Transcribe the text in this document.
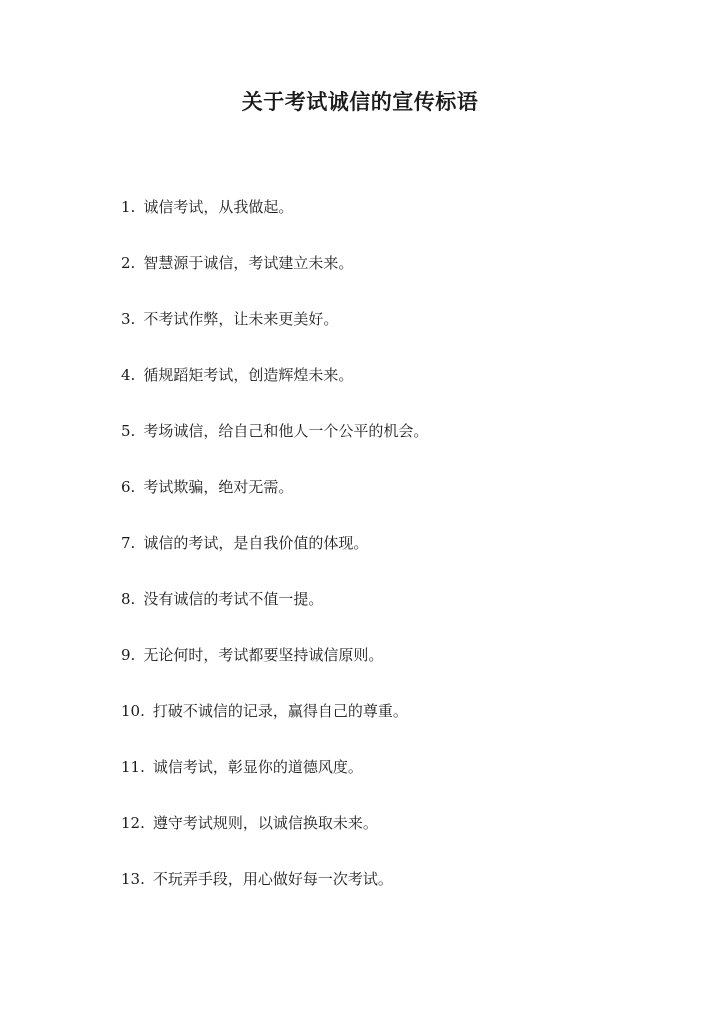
关于考试诚信的宣传标语
1. 诚信考试，从我做起。
2. 智慧源于诚信，考试建立未来。
3. 不考试作弊，让未来更美好。
4. 循规蹈矩考试，创造辉煌未来。
5. 考场诚信，给自己和他人一个公平的机会。
6. 考试欺骗，绝对无需。
7. 诚信的考试，是自我价值的体现。
8. 没有诚信的考试不值一提。
9. 无论何时，考试都要坚持诚信原则。
10. 打破不诚信的记录，赢得自己的尊重。
11. 诚信考试，彰显你的道德风度。
12. 遵守考试规则，以诚信换取未来。
13. 不玩弄手段，用心做好每一次考试。
